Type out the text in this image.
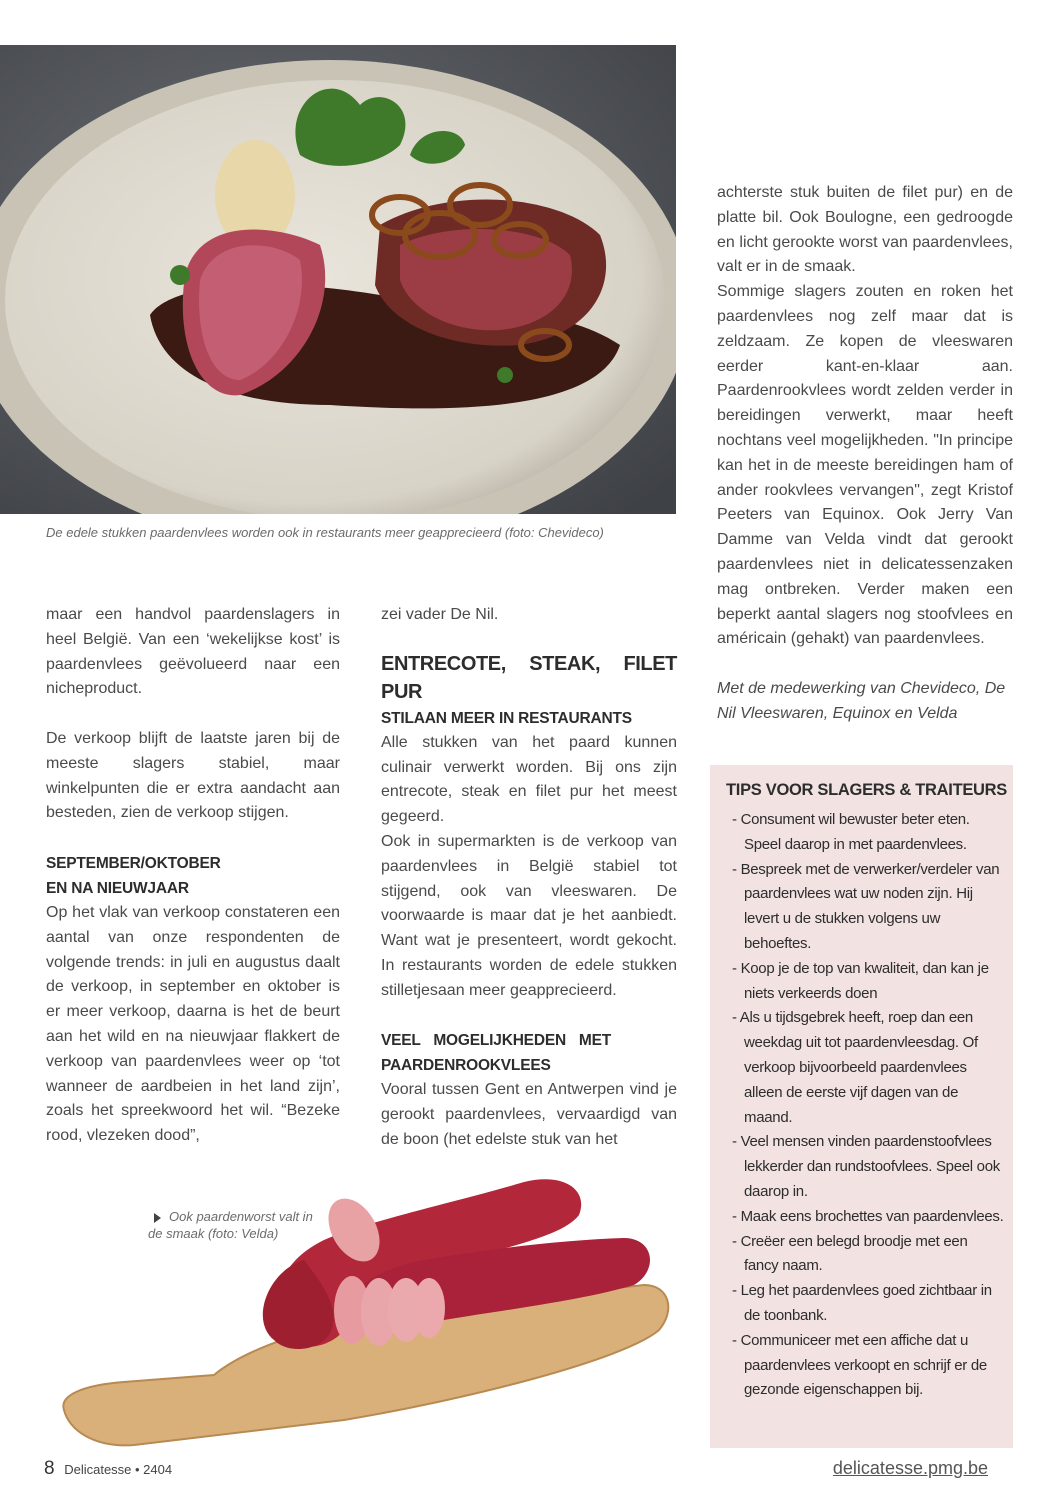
De edele stukken paardenvlees worden ook in restaurants meer geapprecieerd (foto: Chevideco)

maar een handvol paardenslagers in heel België. Van een ‘wekelijkse kost’ is paardenvlees geëvolueerd naar een nicheproduct.

De verkoop blijft de laatste jaren bij de meeste slagers stabiel, maar winkelpunten die er extra aandacht aan besteden, zien de verkoop stijgen.

SEPTEMBER/OKTOBER EN NA NIEUWJAAR

Op het vlak van verkoop constateren een aantal van onze respondenten de volgende trends: in juli en augustus daalt de verkoop, in september en oktober is er meer verkoop, daarna is het de beurt aan het wild en na nieuwjaar flakkert de verkoop van paardenvlees weer op ‘tot wanneer de aardbeien in het land zijn’, zoals het spreekwoord het wil. “Bezeke rood, vlezeken dood”,

zei vader De Nil.

ENTRECOTE, STEAK, FILET PUR

STILAAN MEER IN RESTAURANTS

Alle stukken van het paard kunnen culinair verwerkt worden. Bij ons zijn entrecote, steak en filet pur het meest gegeerd.

Ook in supermarkten is de verkoop van paardenvlees in België stabiel tot stijgend, ook van vleeswaren. De voorwaarde is maar dat je het aanbiedt. Want wat je presenteert, wordt gekocht. In restaurants worden de edele stukken stilletjesaan meer geapprecieerd.

VEEL MOGELIJKHEDEN MET PAARDENROOKVLEES

Vooral tussen Gent en Antwerpen vind je gerookt paardenvlees, vervaardigd van de boon (het edelste stuk van het

achterste stuk buiten de filet pur) en de platte bil. Ook Boulogne, een gedroogde en licht gerookte worst van paardenvlees, valt er in de smaak.

Sommige slagers zouten en roken het paardenvlees nog zelf maar dat is zeldzaam. Ze kopen de vleeswaren eerder kant-en-klaar aan. Paardenrookvlees wordt zelden verder in bereidingen verwerkt, maar heeft nochtans veel mogelijkheden. "In principe kan het in de meeste bereidingen ham of ander rookvlees vervangen", zegt Kristof Peeters van Equinox. Ook Jerry Van Damme van Velda vindt dat gerookt paardenvlees niet in delicatessenzaken mag ontbreken. Verder maken een beperkt aantal slagers nog stoofvlees en américain (gehakt) van paardenvlees.

Met de medewerking van Chevideco, De Nil Vleeswaren, Equinox en Velda

TIPS VOOR SLAGERS & TRAITEURS
- Consument wil bewuster beter eten. Speel daarop in met paardenvlees.
- Bespreek met de verwerker/verdeler van paardenvlees wat uw noden zijn. Hij levert u de stukken volgens uw behoeftes.
- Koop je de top van kwaliteit, dan kan je niets verkeerds doen
- Als u tijdsgebrek heeft, roep dan een weekdag uit tot paardenvleesdag. Of verkoop bijvoorbeeld paardenvlees alleen de eerste vijf dagen van de maand.
- Veel mensen vinden paardenstoofvlees lekkerder dan rundstoofvlees. Speel ook daarop in.
- Maak eens brochettes van paardenvlees.
- Creëer een belegd broodje met een fancy naam.
- Leg het paardenvlees goed zichtbaar in de toonbank.
- Communiceer met een affiche dat u paardenvlees verkoopt en schrijf er de gezonde eigenschappen bij.
Ook paardenworst valt in de smaak (foto: Velda)
8 Delicatesse • 2404	delicatesse.pmg.be
